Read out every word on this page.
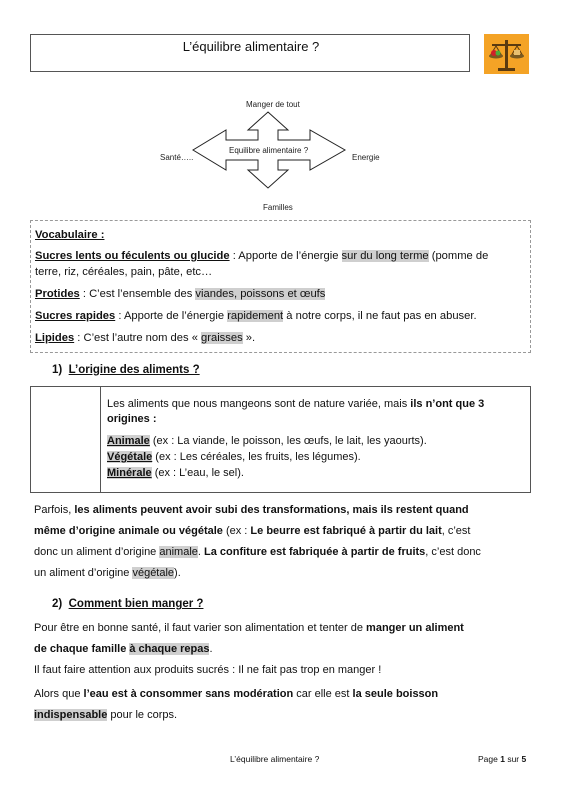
L’équilibre alimentaire ?
Manger de tout
Equilibre alimentaire ?
Santé…..	Energie
Familles
Vocabulaire :
Sucres lents ou féculents ou glucide : Apporte de l’énergie sur du long terme (pomme de
terre, riz, céréales, pain, pâte, etc…
Protides : C’est l’ensemble des viandes, poissons et œufs
Sucres rapides : Apporte de l’énergie rapidement à notre corps, il ne faut pas en abuser.
Lipides : C’est l’autre nom des « graisses ».
1) L’origine des aliments ?
Les aliments que nous mangeons sont de nature variée, mais ils n’ont que 3
origines :
Animale (ex : La viande, le poisson, les œufs, le lait, les yaourts).
Végétale (ex : Les céréales, les fruits, les légumes).
Minérale (ex : L’eau, le sel).
Parfois, les aliments peuvent avoir subi des transformations, mais ils restent quand
même d’origine animale ou végétale (ex : Le beurre est fabriqué à partir du lait, c’est
donc un aliment d’origine animale. La confiture est fabriquée à partir de fruits, c’est donc
un aliment d’origine végétale).
2) Comment bien manger ?
Pour être en bonne santé, il faut varier son alimentation et tenter de manger un aliment
de chaque famille à chaque repas.
Il faut faire attention aux produits sucrés : Il ne fait pas trop en manger !
Alors que l’eau est à consommer sans modération car elle est la seule boisson
indispensable pour le corps.
L’équilibre alimentaire ?	Page 1 sur 5
